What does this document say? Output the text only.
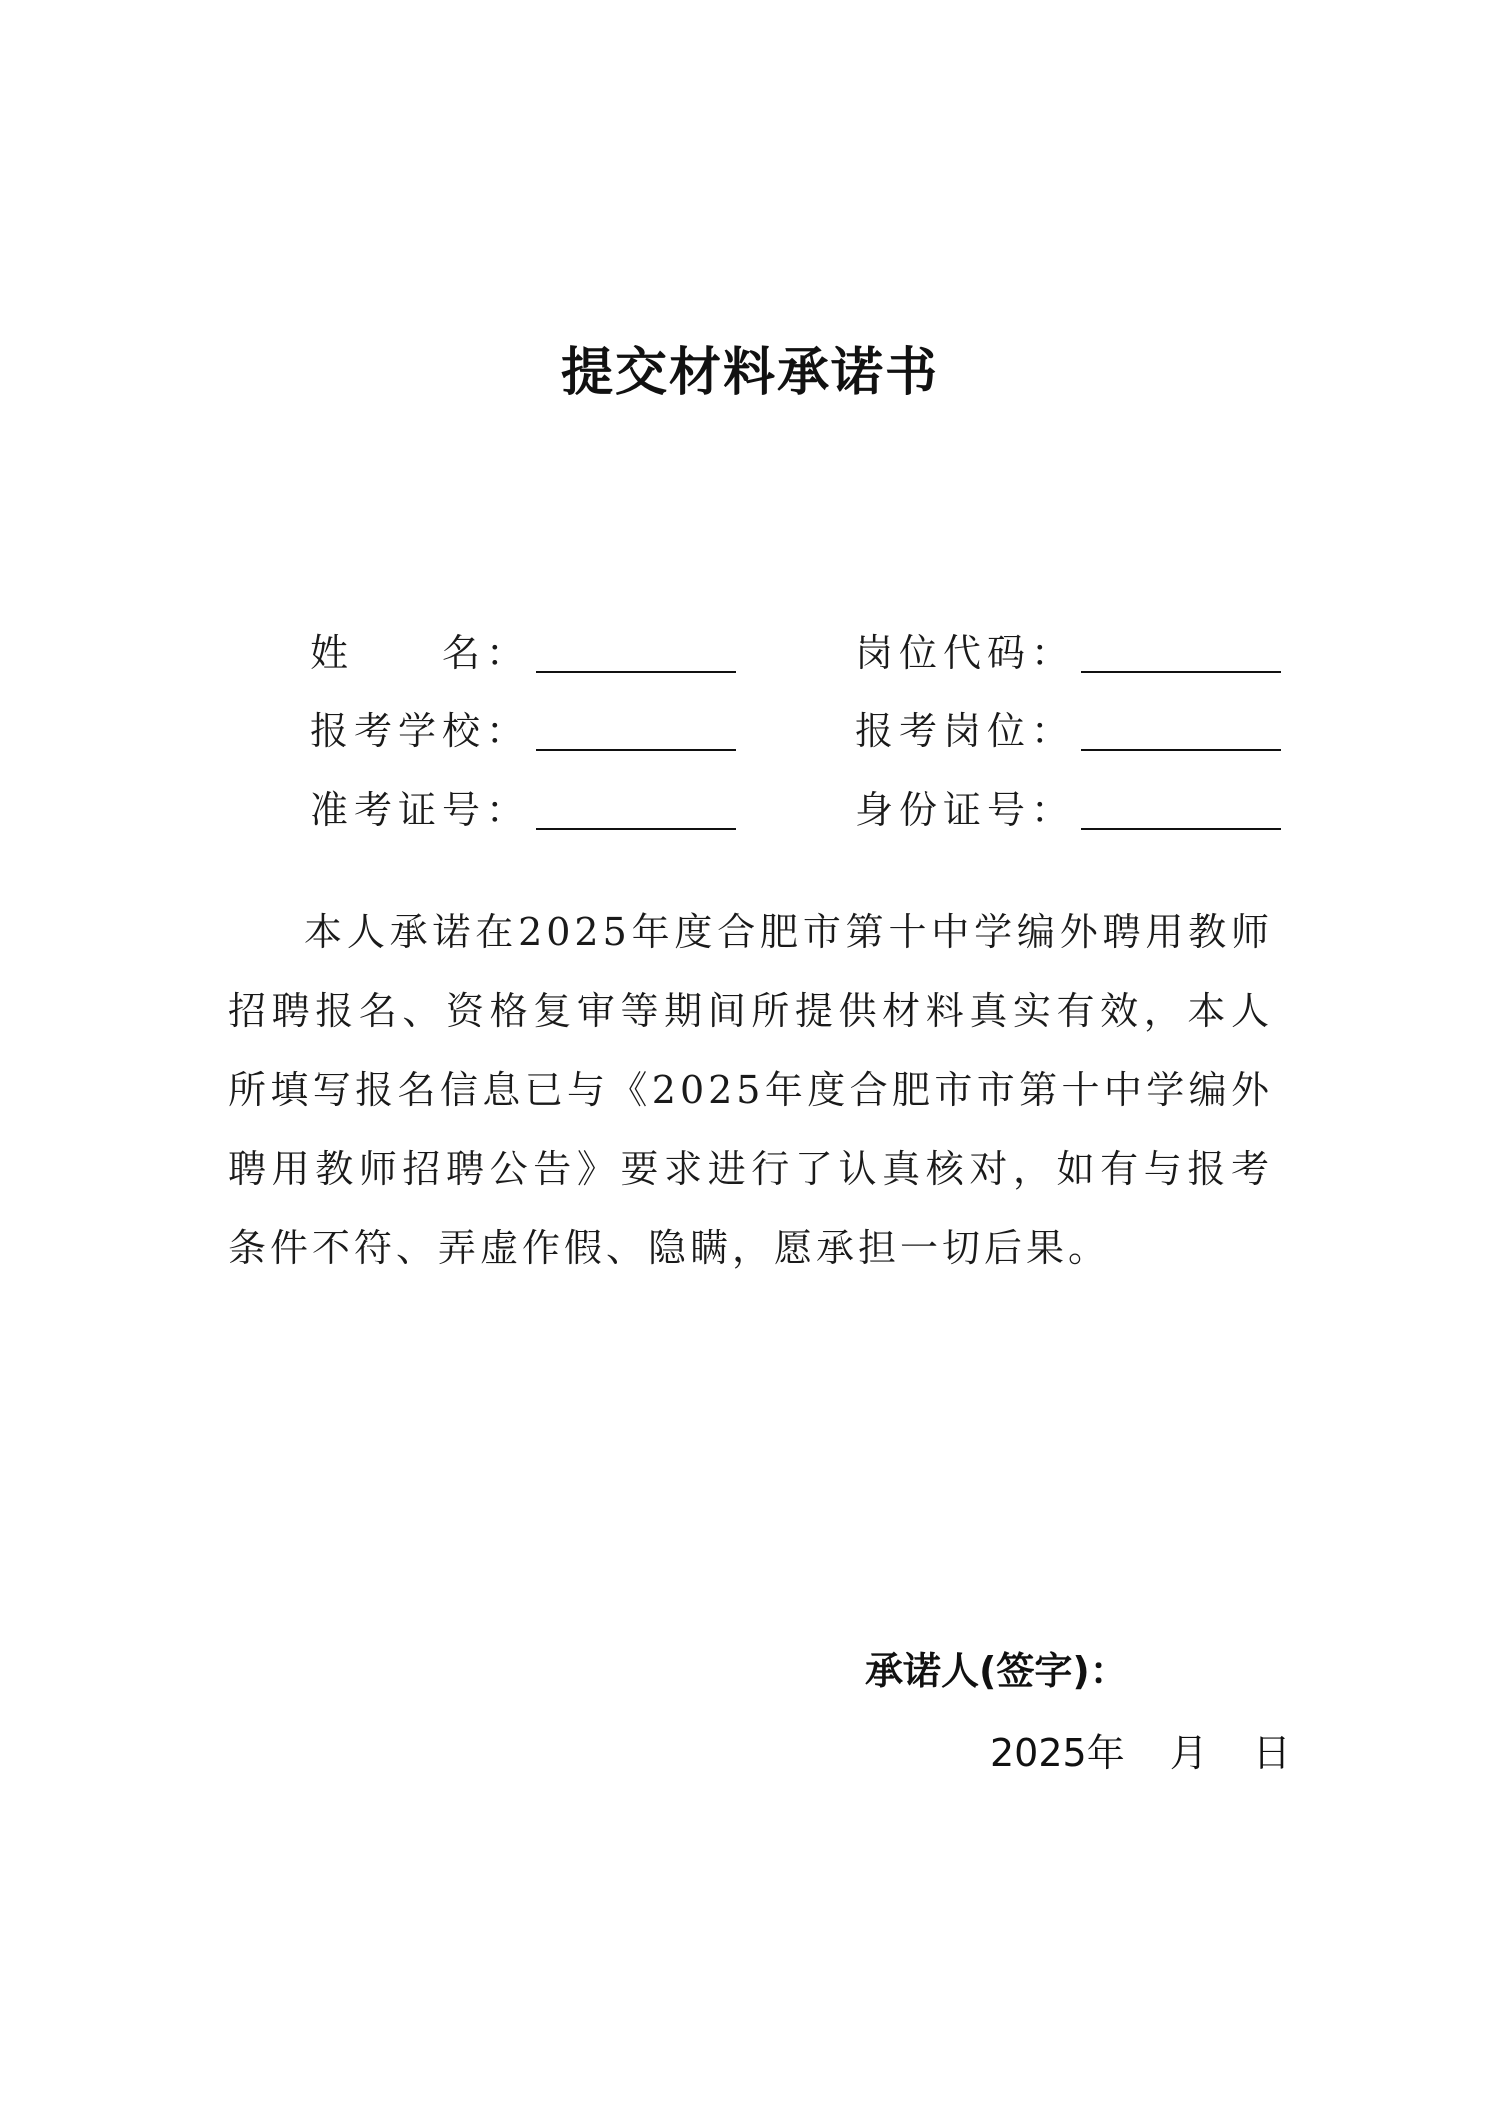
提交材料承诺书
姓　　名：	岗位代码：
报考学校：	报考岗位：
准考证号：	身份证号：
本人承诺在2025年度合肥市第十中学编外聘用教师招聘报名、资格复审等期间所提供材料真实有效，本人所填写报名信息已与《2025年度合肥市市第十中学编外聘用教师招聘公告》要求进行了认真核对，如有与报考条件不符、弄虚作假、隐瞒，愿承担一切后果。
承诺人(签字)：
2025年 月 日
